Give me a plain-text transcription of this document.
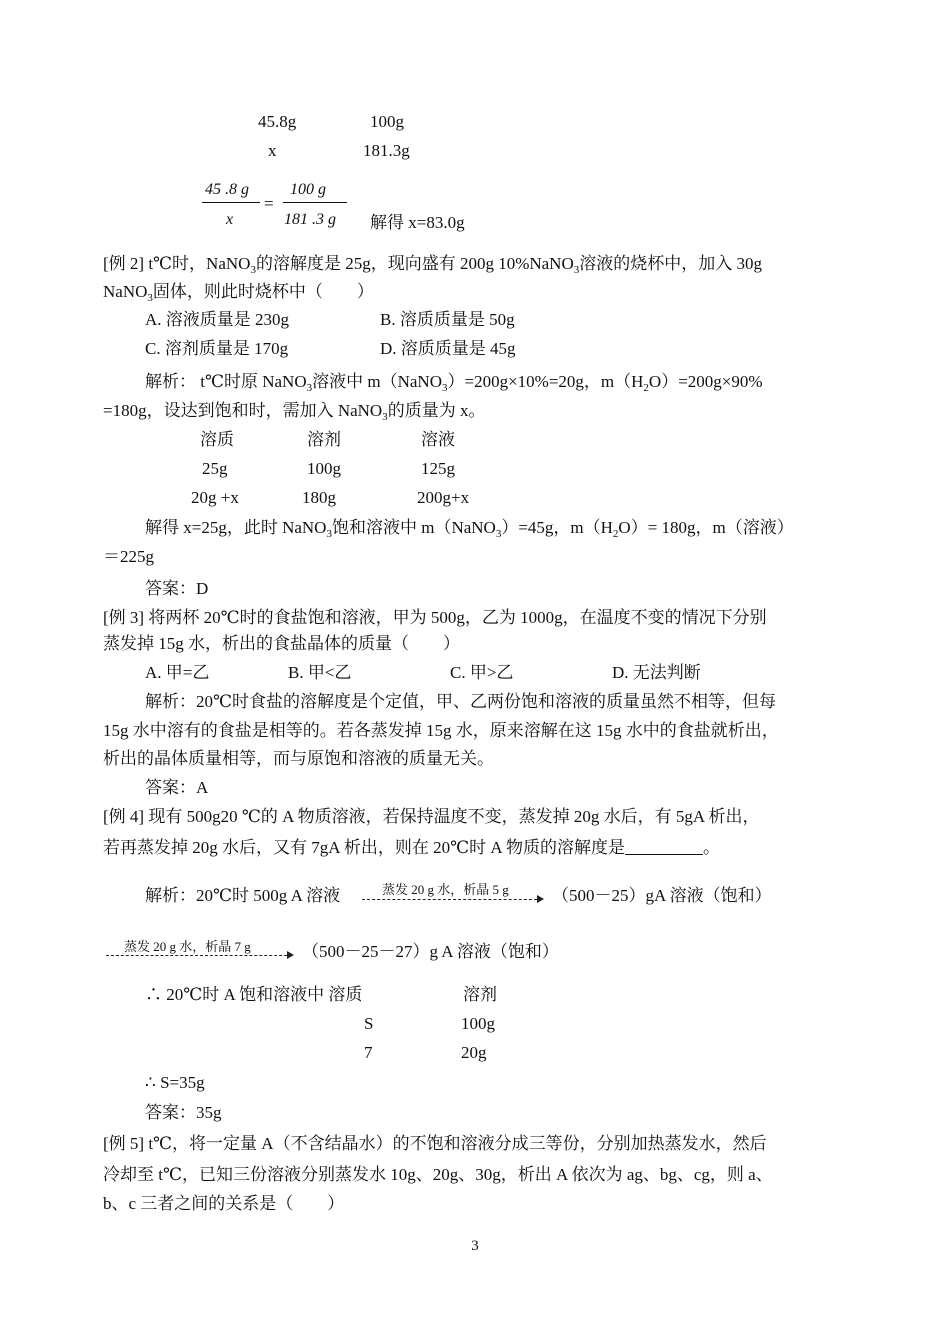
45.8g	100g
x	181.3g
45 .8 g
x
=
100 g
181 .3 g 解得 x=83.0g
[例 2] t℃时，NaNO$_3$的溶解度是 25g，现向盛有 200g 10%NaNO$_3$溶液的烧杯中，加入 30g
NaNO$_3$固体，则此时烧杯中（　　）
A. 溶液质量是 230g	B. 溶质质量是 50g
C. 溶剂质量是 170g	D. 溶质质量是 45g
解析： t℃时原 NaNO$_3$溶液中 m（NaNO$_3$）=200g×10%=20g，$m(H_2O)=200g\times 90\%$
=180g，设达到饱和时，需加入 NaNO$_3$的质量为 x。
溶质	溶剂	溶液
25g	100g	125g
20g +x	180g	200g+x
解得 x=25g，此时 NaNO$_3$饱和溶液中 m（NaNO$_3$）=45g，$m(H_2O)= 180g$，m（溶液）
＝225g
答案：D
[例 3] 将两杯 20℃时的食盐饱和溶液，甲为 500g，乙为 1000g，在温度不变的情况下分别
蒸发掉 15g 水，析出的食盐晶体的质量（　　）
A. 甲=乙	B. 甲<乙	C. 甲>乙	D. 无法判断
解析：20℃时食盐的溶解度是个定值，甲、乙两份饱和溶液的质量虽然不相等，但每
15g 水中溶有的食盐是相等的。若各蒸发掉 15g 水，原来溶解在这 15g 水中的食盐就析出，
析出的晶体质量相等，而与原饱和溶液的质量无关。
答案：A
[例 4] 现有 500g20 ℃的 A 物质溶液，若保持温度不变，蒸发掉 20g 水后，有 5gA 析出，
若再蒸发掉 20g 水后，又有 7gA 析出，则在 20℃时 A 物质的溶解度是	。
解析：20℃时 500g A 溶液	蒸发 20 g 水，析晶 5 g	（500－25）gA 溶液（饱和）
蒸发 20 g 水，析晶 7 g	（500－25－27）g A 溶液（饱和）
∴ 20℃时 A 饱和溶液中 溶质	溶剂
S	100g
7	20g
∴ S=35g
答案：35g
[例 5] t℃，将一定量 A（不含结晶水）的不饱和溶液分成三等份，分别加热蒸发水，然后
冷却至 t℃，已知三份溶液分别蒸发水 10g、20g、30g，析出 A 依次为 ag、bg、cg，则 a、
b、c 三者之间的关系是（　　）
3
